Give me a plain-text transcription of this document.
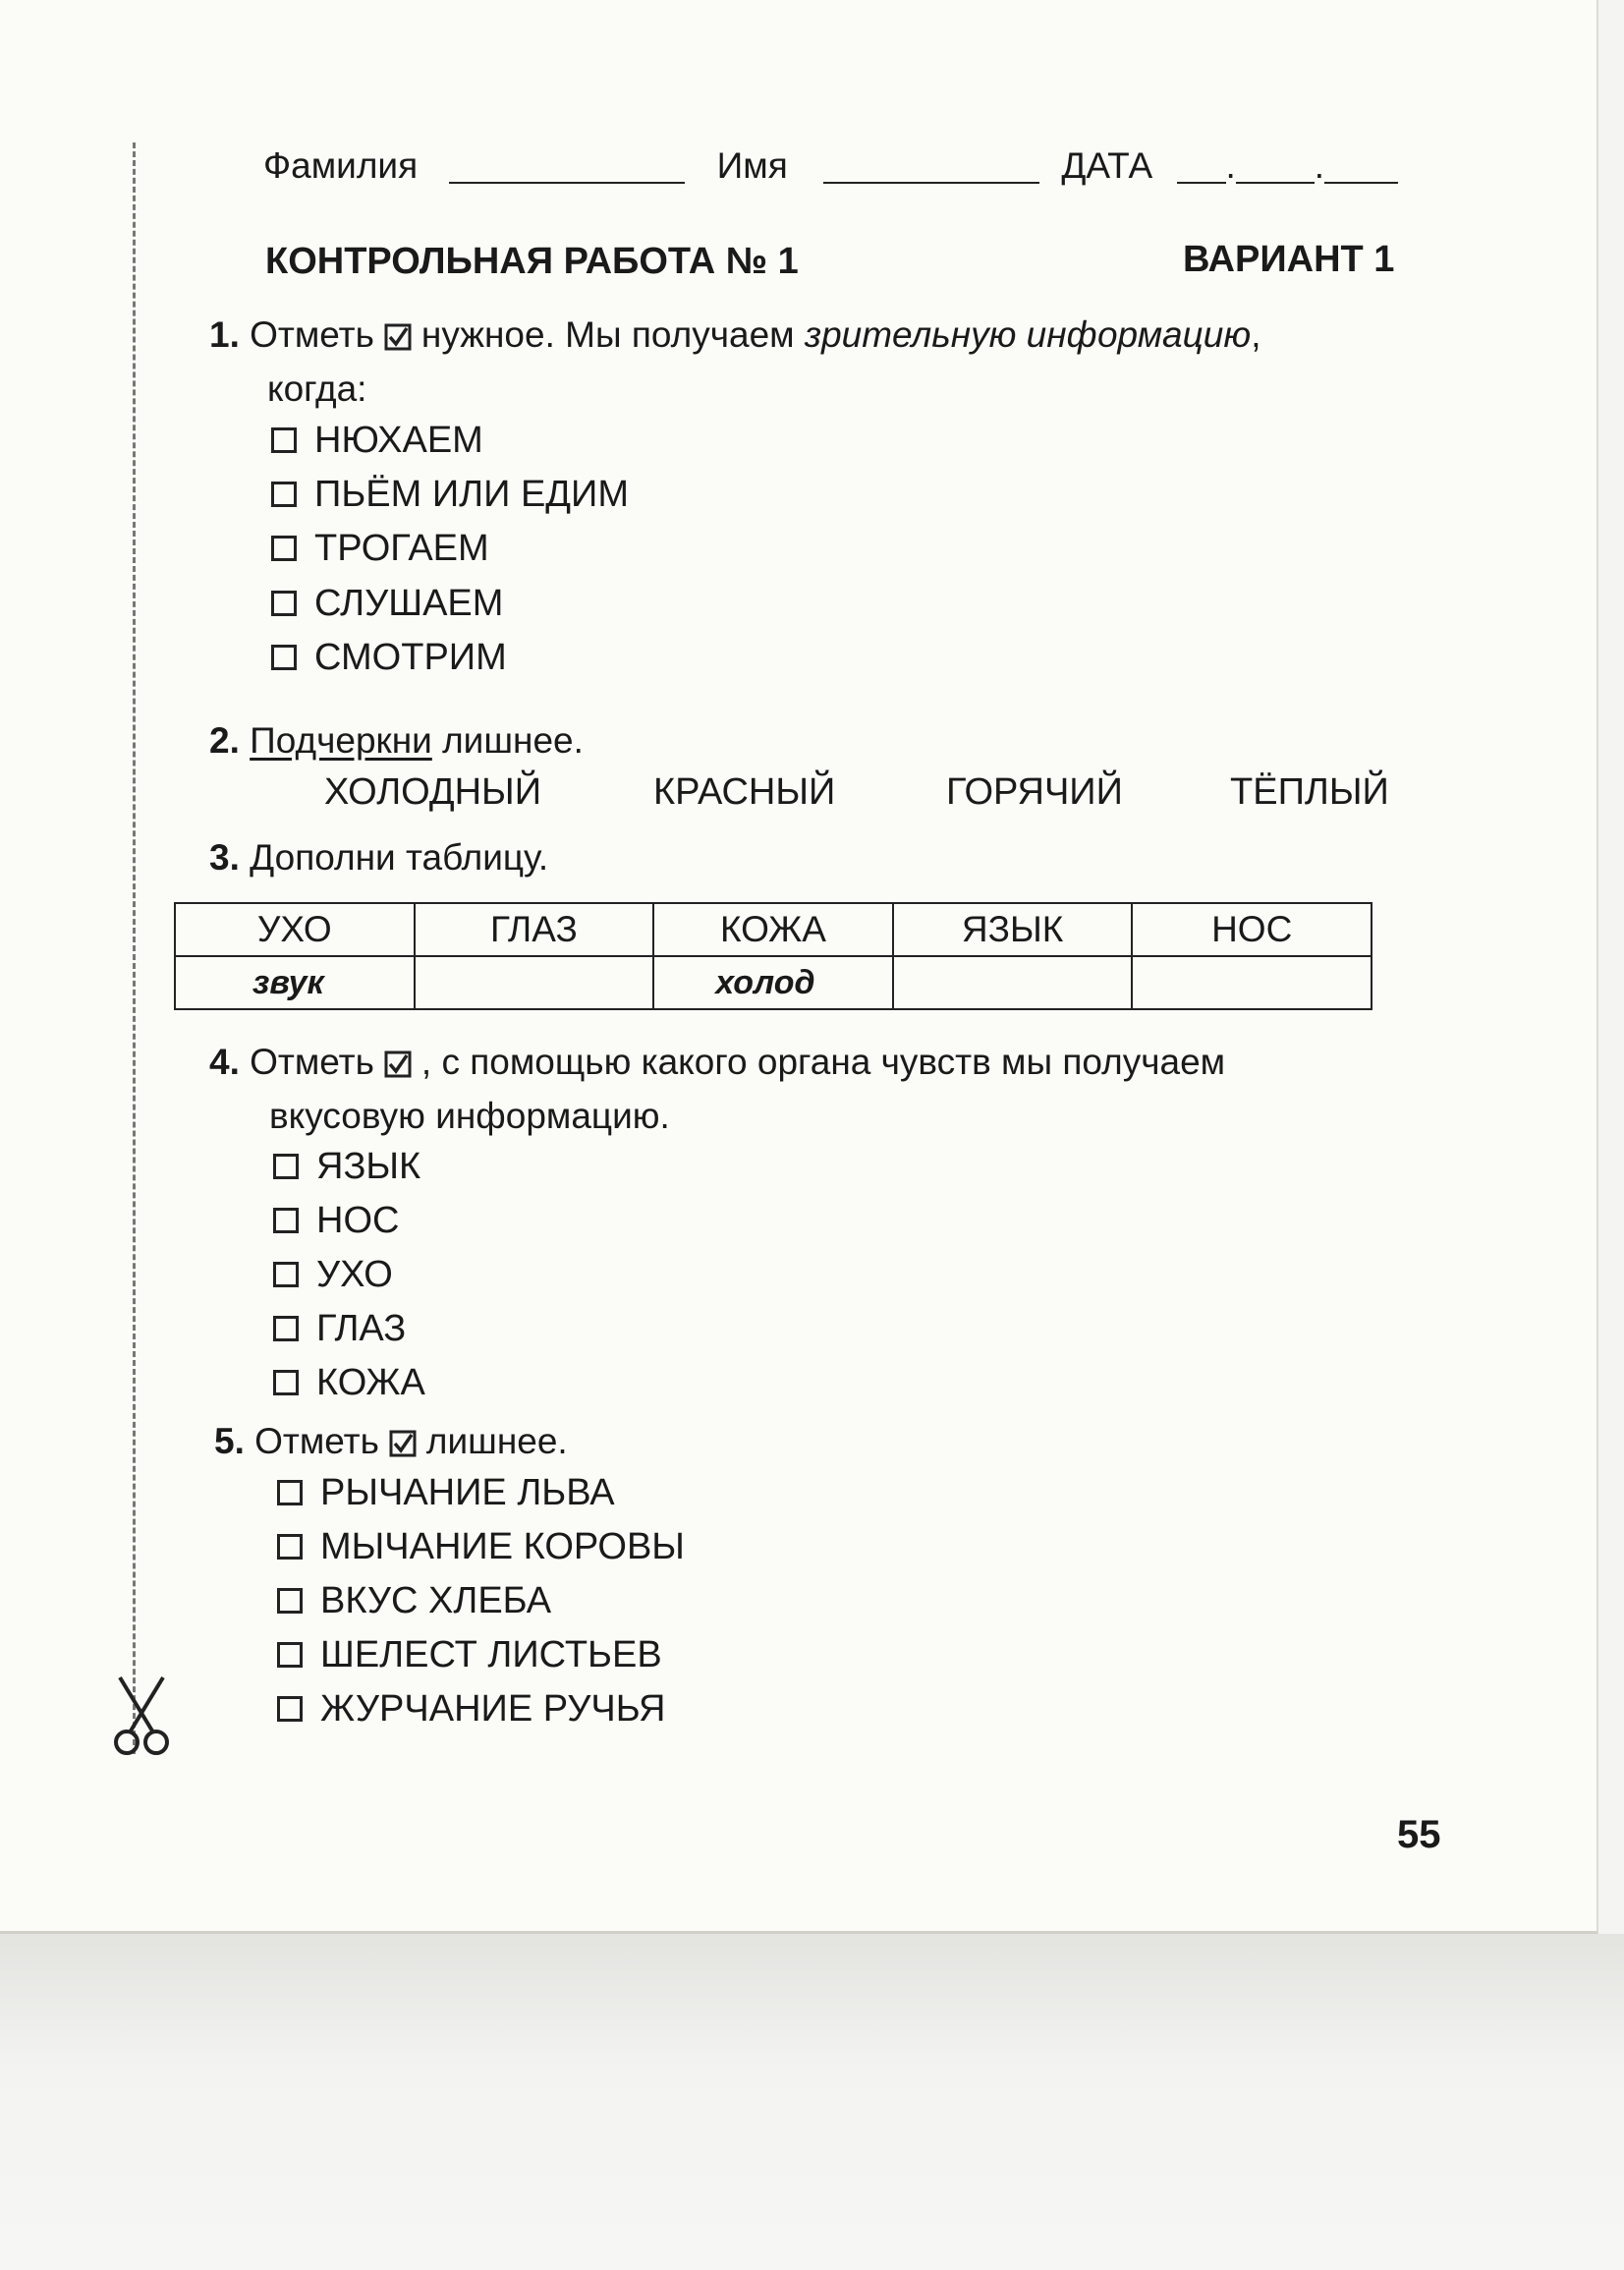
Фамилия	Имя	ДАТА . .
КОНТРОЛЬНАЯ РАБОТА № 1	ВАРИАНТ 1
1. Отметь нужное. Мы получаем зрительную информацию,
когда:
НЮХАЕМ
ПЬЁМ ИЛИ ЕДИМ
ТРОГАЕМ
СЛУШАЕМ
СМОТРИМ
2. Подчеркни лишнее.
ХОЛОДНЫЙ	КРАСНЫЙ	ГОРЯЧИЙ	ТЁПЛЫЙ
3. Дополни таблицу.
УХО	ГЛАЗ	КОЖА	ЯЗЫК	НОС
звук		холод		
4. Отметь , с помощью какого органа чувств мы получаем
вкусовую информацию.
ЯЗЫК
НОС
УХО
ГЛАЗ
КОЖА
5. Отметь лишнее.
РЫЧАНИЕ ЛЬВА
МЫЧАНИЕ КОРОВЫ
ВКУС ХЛЕБА
ШЕЛЕСТ ЛИСТЬЕВ
ЖУРЧАНИЕ РУЧЬЯ
55
